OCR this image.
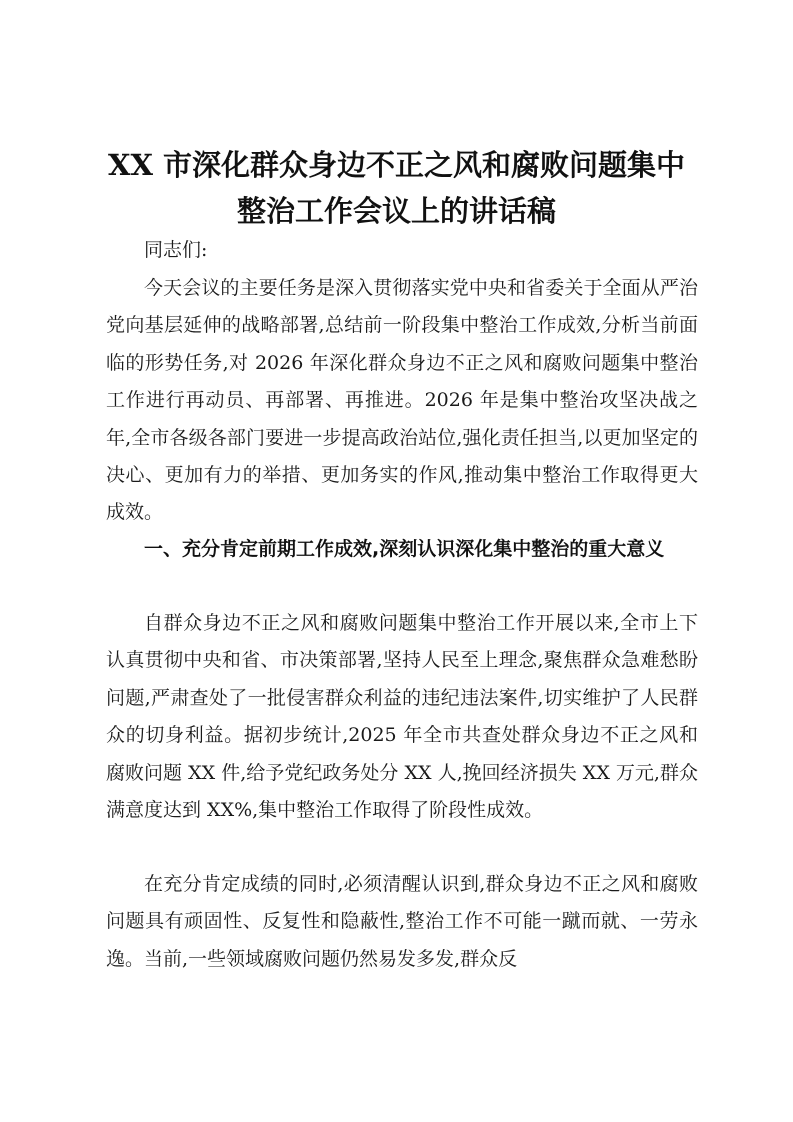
XX 市深化群众身边不正之风和腐败问题集中
整治工作会议上的讲话稿

同志们:

今天会议的主要任务是深入贯彻落实党中央和省委关于全面从严治党向基层延伸的战略部署,总结前一阶段集中整治工作成效,分析当前面临的形势任务,对 2026 年深化群众身边不正之风和腐败问题集中整治工作进行再动员、再部署、再推进。2026 年是集中整治攻坚决战之年,全市各级各部门要进一步提高政治站位,强化责任担当,以更加坚定的决心、更加有力的举措、更加务实的作风,推动集中整治工作取得更大成效。

一、充分肯定前期工作成效,深刻认识深化集中整治的重大意义

自群众身边不正之风和腐败问题集中整治工作开展以来,全市上下认真贯彻中央和省、市决策部署,坚持人民至上理念,聚焦群众急难愁盼问题,严肃查处了一批侵害群众利益的违纪违法案件,切实维护了人民群众的切身利益。据初步统计,2025 年全市共查处群众身边不正之风和腐败问题 XX 件,给予党纪政务处分 XX 人,挽回经济损失 XX 万元,群众满意度达到 XX%,集中整治工作取得了阶段性成效。

在充分肯定成绩的同时,必须清醒认识到,群众身边不正之风和腐败问题具有顽固性、反复性和隐蔽性,整治工作不可能一蹴而就、一劳永逸。当前,一些领域腐败问题仍然易发多发,群众反
